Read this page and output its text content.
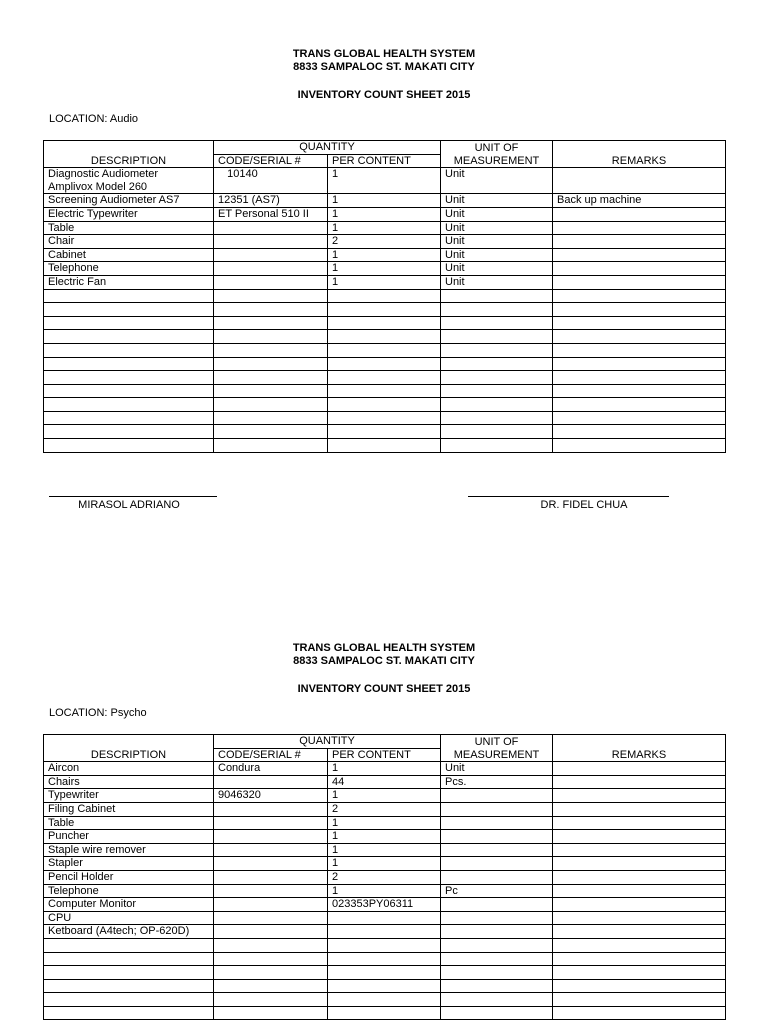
TRANS GLOBAL HEALTH SYSTEM

8833 SAMPALOC ST. MAKATI CITY

INVENTORY COUNT SHEET 2015

LOCATION: Audio
DESCRIPTION	QUANTITY		UNIT OF	REMARKS
	CODE/SERIAL #	PER CONTENT	MEASUREMENT	
Diagnostic Audiometer	10140	1	Unit	
Amplivox Model 260				
Screening Audiometer AS7	12351 (AS7)	1	Unit	Back up machine
Electric Typewriter	ET Personal 510 II	1	Unit	
Table		1	Unit	
Chair		2	Unit	
Cabinet		1	Unit	
Telephone		1	Unit	
Electric Fan		1	Unit	

MIRASOL ADRIANO	DR. FIDEL CHUA

TRANS GLOBAL HEALTH SYSTEM

8833 SAMPALOC ST. MAKATI CITY

INVENTORY COUNT SHEET 2015

LOCATION: Psycho
DESCRIPTION	QUANTITY		UNIT OF	REMARKS
	CODE/SERIAL #	PER CONTENT	MEASUREMENT	
Aircon	Condura	1	Unit	
Chairs		44	Pcs.	
Typewriter	9046320	1		
Filing Cabinet		2		
Table		1		
Puncher		1		
Staple wire remover		1		
Stapler		1		
Pencil Holder		2		
Telephone		1	Pc	
Computer Monitor		023353PY06311		
CPU				
Ketboard (A4tech; OP-620D)				
